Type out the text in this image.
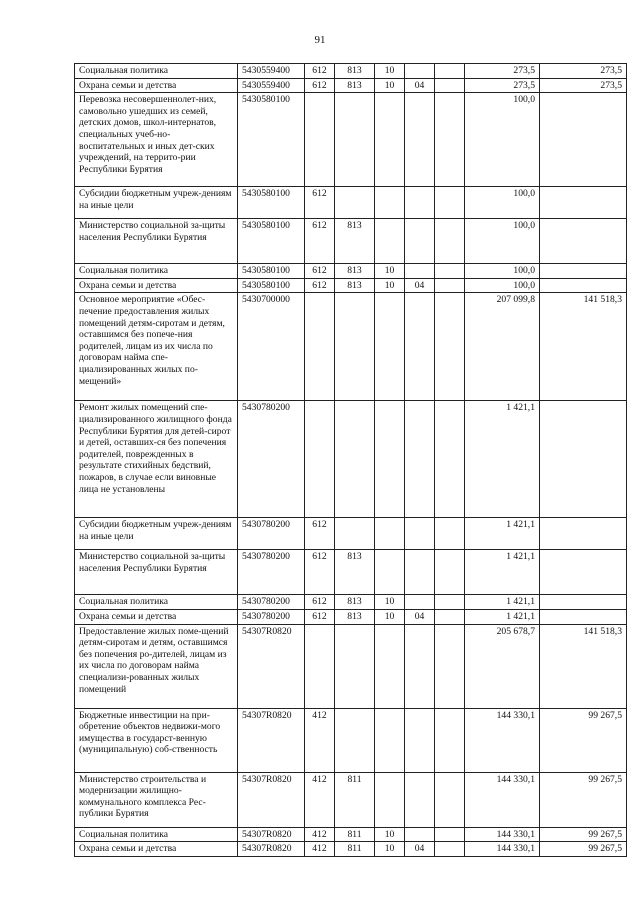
91
Социальная политика	5430559400	612	813	10			273,5	273,5
Охрана семьи и детства	5430559400	612	813	10	04		273,5	273,5
Перевозка несовершеннолет-них, самовольно ушедших из семей, детских домов, школ-интернатов, специальных учеб-но-воспитательных и иных дет-ских учреждений, на террито-рии Республики Бурятия	5430580100						100,0	
Субсидии бюджетным учреж-дениям на иные цели	5430580100	612					100,0	
Министерство социальной за-щиты населения Республики Бурятия	5430580100	612	813				100,0	
Социальная политика	5430580100	612	813	10			100,0	
Охрана семьи и детства	5430580100	612	813	10	04		100,0	
Основное мероприятие «Обес-печение предоставления жилых помещений детям-сиротам и детям, оставшимся без попече-ния родителей, лицам из их числа по договорам найма спе-циализированных жилых по-мещений»	5430700000						207 099,8	141 518,3
Ремонт жилых помещений спе-циализированного жилищного фонда Республики Бурятия для детей-сирот и детей, оставших-ся без попечения родителей, поврежденных в результате стихийных бедствий, пожаров, в случае если виновные лица не установлены	5430780200						1 421,1	
Субсидии бюджетным учреж-дениям на иные цели	5430780200	612					1 421,1	
Министерство социальной за-щиты населения Республики Бурятия	5430780200	612	813				1 421,1	
Социальная политика	5430780200	612	813	10			1 421,1	
Охрана семьи и детства	5430780200	612	813	10	04		1 421,1	
Предоставление жилых поме-щений детям-сиротам и детям, оставшимся без попечения ро-дителей, лицам из их числа по договорам найма специализи-рованных жилых помещений	54307R0820						205 678,7	141 518,3
Бюджетные инвестиции на при-обретение объектов недвижи-мого имущества в государст-венную (муниципальную) соб-ственность	54307R0820	412					144 330,1	99 267,5
Министерство строительства и модернизации жилищно-коммунального комплекса Рес-публики Бурятия	54307R0820	412	811				144 330,1	99 267,5
Социальная политика	54307R0820	412	811	10			144 330,1	99 267,5
Охрана семьи и детства	54307R0820	412	811	10	04		144 330,1	99 267,5
